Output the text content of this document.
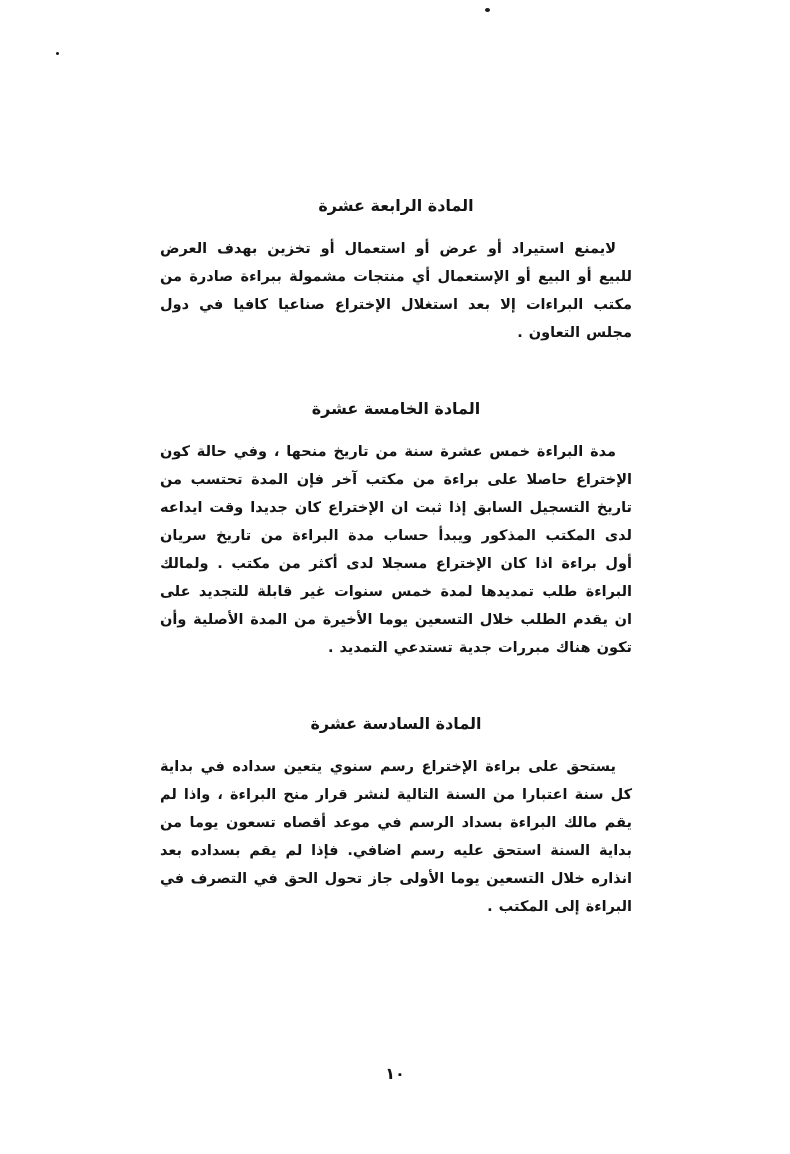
المادة الرابعة عشرة

لايمنع استيراد أو عرض أو استعمال أو تخزين بهدف العرض للبيع أو البيع أو الإستعمال أي منتجات مشمولة ببراءة صادرة من مكتب البراءات إلا بعد استغلال الإختراع صناعيا كافيا في دول مجلس التعاون .

المادة الخامسة عشرة

مدة البراءة خمس عشرة سنة من تاريخ منحها ، وفي حالة كون الإختراع حاصلا على براءة من مكتب آخر فإن المدة تحتسب من تاريخ التسجيل السابق إذا ثبت ان الإختراع كان جديدا وقت ايداعه لدى المكتب المذكور ويبدأ حساب مدة البراءة من تاريخ سريان أول براءة اذا كان الإختراع مسجلا لدى أكثر من مكتب . ولمالك البراءة طلب تمديدها لمدة خمس سنوات غير قابلة للتجديد على ان يقدم الطلب خلال التسعين يوما الأخيرة من المدة الأصلية وأن تكون هناك مبررات جدية تستدعي التمديد .

المادة السادسة عشرة

يستحق على براءة الإختراع رسم سنوي يتعين سداده في بداية كل سنة اعتبارا من السنة التالية لنشر قرار منح البراءة ، واذا لم يقم مالك البراءة بسداد الرسم في موعد أقصاه تسعون يوما من بداية السنة استحق عليه رسم اضافي. فإذا لم يقم بسداده بعد انذاره خلال التسعين يوما الأولى جاز تحول الحق في التصرف في البراءة إلى المكتب .

١٠
